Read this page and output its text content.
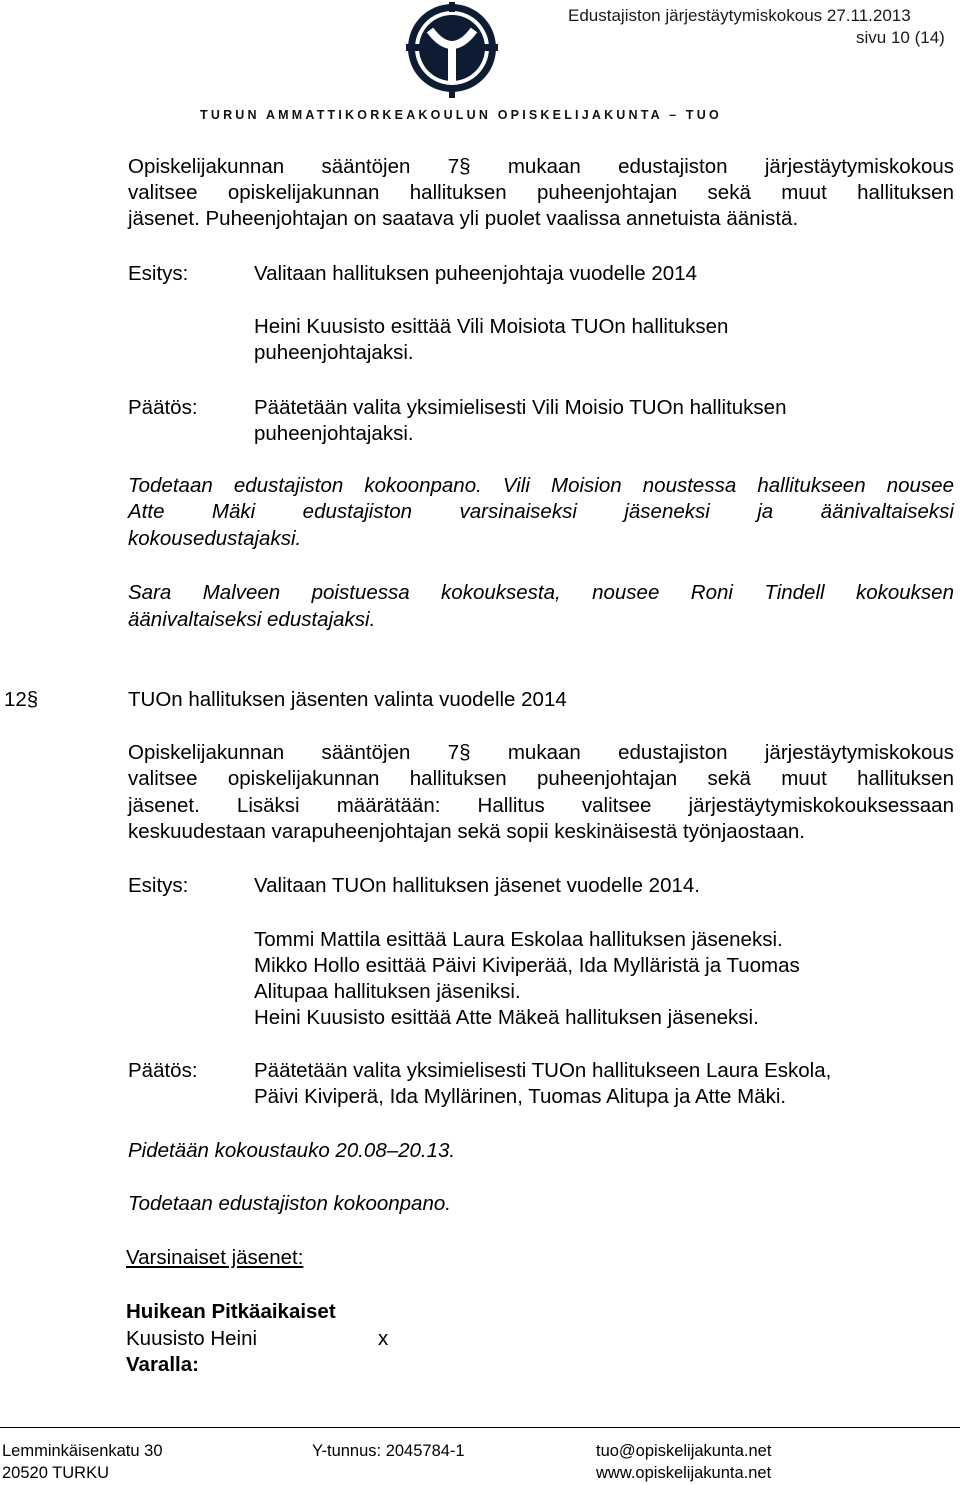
Edustajiston järjestäytymiskokous 27.11.2013
sivu 10 (14)
TURUN AMMATTIKORKEAKOULUN OPISKELIJAKUNTA – TUO
Opiskelijakunnan sääntöjen 7§ mukaan edustajiston järjestäytymiskokous
valitsee opiskelijakunnan hallituksen puheenjohtajan sekä muut hallituksen
jäsenet. Puheenjohtajan on saatava yli puolet vaalissa annetuista äänistä.
Esitys:	Valitaan hallituksen puheenjohtaja vuodelle 2014
Heini Kuusisto esittää Vili Moisiota TUOn hallituksen
puheenjohtajaksi.
Päätös:	Päätetään valita yksimielisesti Vili Moisio TUOn hallituksen
puheenjohtajaksi.
Todetaan edustajiston kokoonpano. Vili Moision noustessa hallitukseen nousee
Atte Mäki edustajiston varsinaiseksi jäseneksi ja äänivaltaiseksi
kokousedustajaksi.
Sara Malveen poistuessa kokouksesta, nousee Roni Tindell kokouksen
äänivaltaiseksi edustajaksi.
12§	TUOn hallituksen jäsenten valinta vuodelle 2014
Opiskelijakunnan sääntöjen 7§ mukaan edustajiston järjestäytymiskokous
valitsee opiskelijakunnan hallituksen puheenjohtajan sekä muut hallituksen
jäsenet. Lisäksi määrätään: Hallitus valitsee järjestäytymiskokouksessaan
keskuudestaan varapuheenjohtajan sekä sopii keskinäisestä työnjaostaan.
Esitys:	Valitaan TUOn hallituksen jäsenet vuodelle 2014.
Tommi Mattila esittää Laura Eskolaa hallituksen jäseneksi.
Mikko Hollo esittää Päivi Kiviperää, Ida Mylläristä ja Tuomas
Alitupaa hallituksen jäseniksi.
Heini Kuusisto esittää Atte Mäkeä hallituksen jäseneksi.
Päätös:	Päätetään valita yksimielisesti TUOn hallitukseen Laura Eskola,
Päivi Kiviperä, Ida Myllärinen, Tuomas Alitupa ja Atte Mäki.
Pidetään kokoustauko 20.08–20.13.
Todetaan edustajiston kokoonpano.
Varsinaiset jäsenet:
Huikean Pitkäaikaiset
Kuusisto Heini	x
Varalla:
Lemminkäisenkatu 30
20520 TURKU
Y-tunnus: 2045784-1	tuo@opiskelijakunta.net
www.opiskelijakunta.net
